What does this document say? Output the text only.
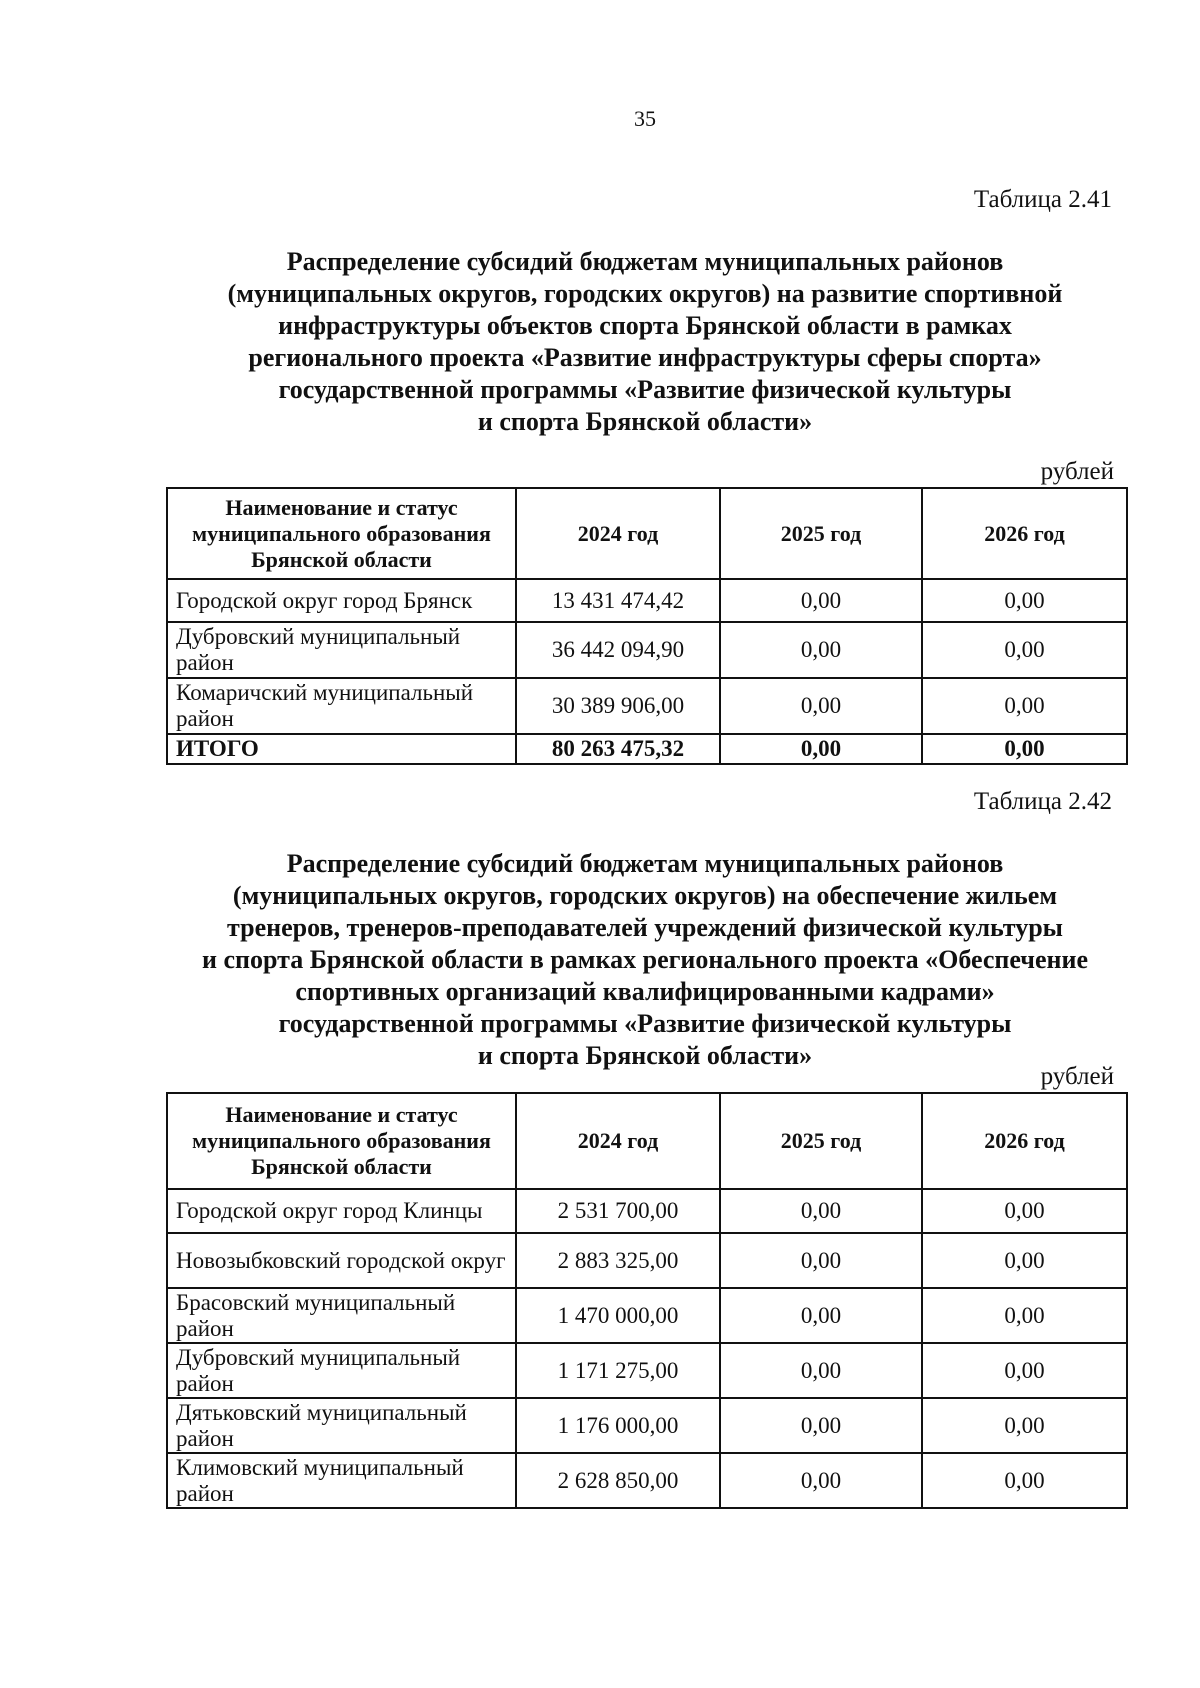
35
Таблица 2.41
Распределение субсидий бюджетам муниципальных районов
(муниципальных округов, городских округов) на развитие спортивной
инфраструктуры объектов спорта Брянской области в рамках
регионального проекта «Развитие инфраструктуры сферы спорта»
государственной программы «Развитие физической культуры
и спорта Брянской области»
рублей
Наименование и статус муниципального образования Брянской области	2024 год	2025 год	2026 год
Городской округ город Брянск	13 431 474,42	0,00	0,00
Дубровский муниципальный район	36 442 094,90	0,00	0,00
Комаричский муниципальный район	30 389 906,00	0,00	0,00
ИТОГО	80 263 475,32	0,00	0,00
Таблица 2.42
Распределение субсидий бюджетам муниципальных районов
(муниципальных округов, городских округов) на обеспечение жильем
тренеров, тренеров-преподавателей учреждений физической культуры
и спорта Брянской области в рамках регионального проекта «Обеспечение
спортивных организаций квалифицированными кадрами»
государственной программы «Развитие физической культуры
и спорта Брянской области»
рублей
Наименование и статус муниципального образования Брянской области	2024 год	2025 год	2026 год
Городской округ город Клинцы	2 531 700,00	0,00	0,00
Новозыбковский городской округ	2 883 325,00	0,00	0,00
Брасовский муниципальный район	1 470 000,00	0,00	0,00
Дубровский муниципальный район	1 171 275,00	0,00	0,00
Дятьковский муниципальный район	1 176 000,00	0,00	0,00
Климовский муниципальный район	2 628 850,00	0,00	0,00
